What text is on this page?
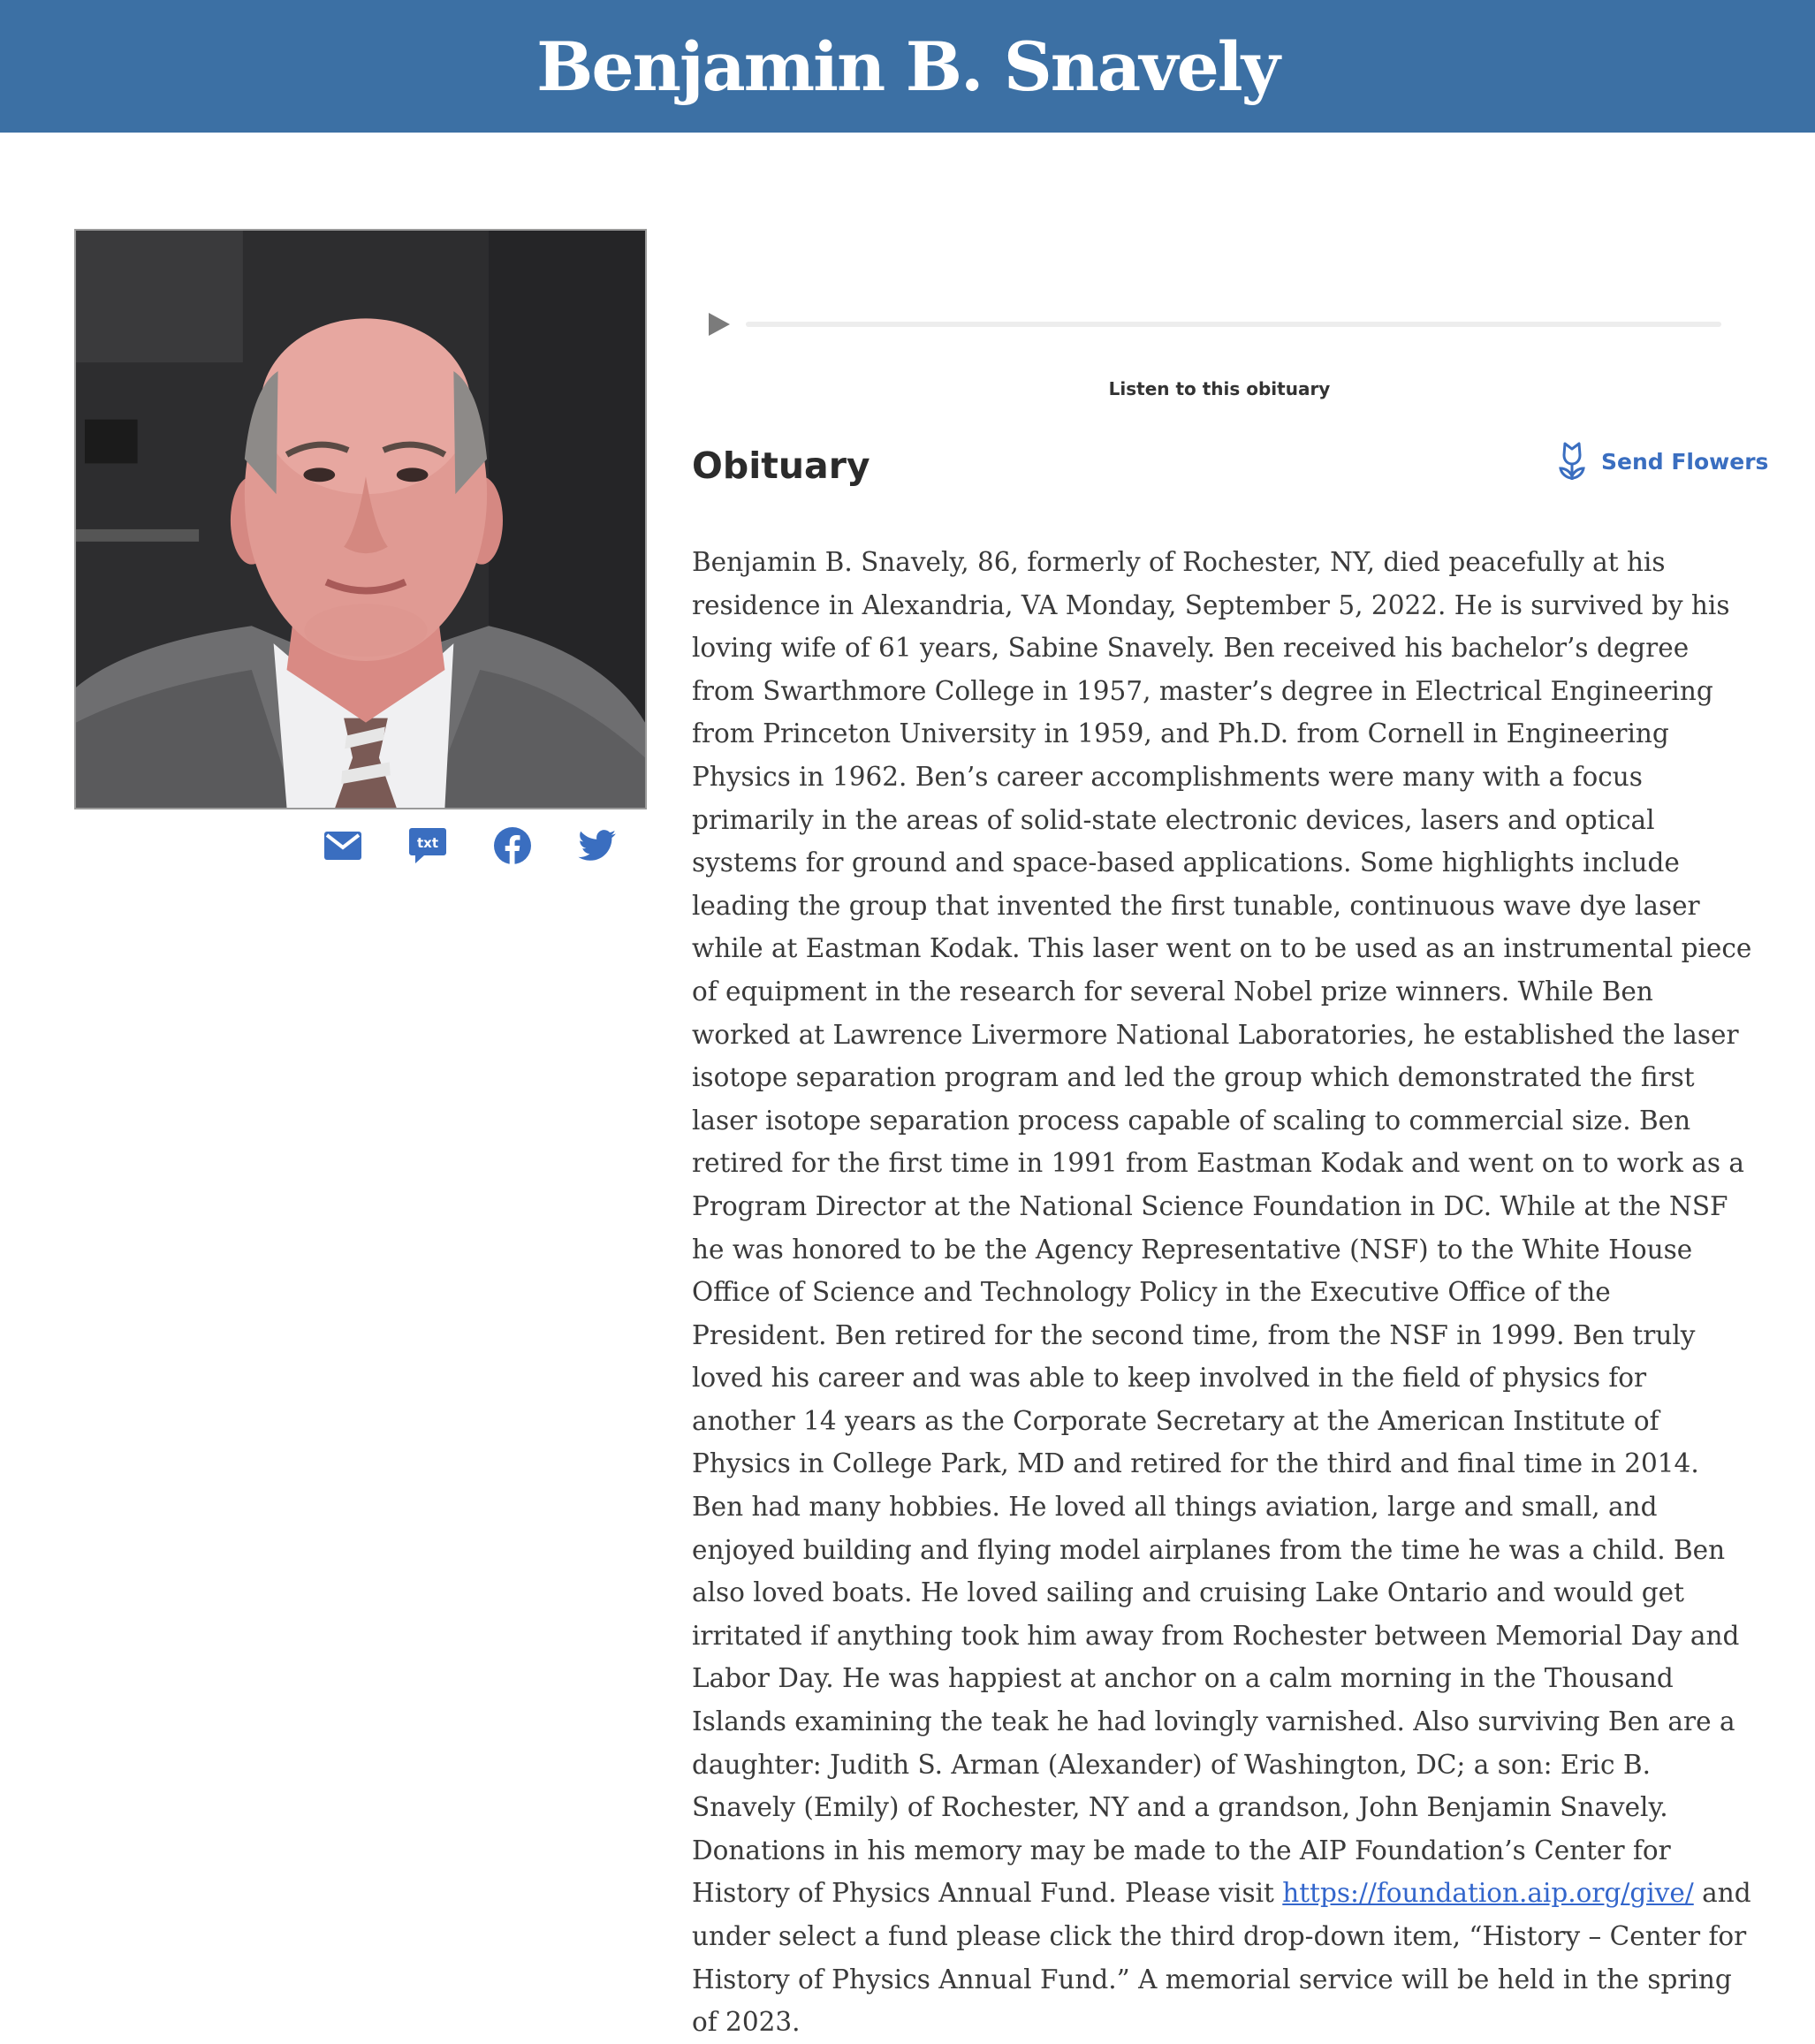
Benjamin B. Snavely
txt
Listen to this obituary
Obituary	Send Flowers

Benjamin B. Snavely, 86, formerly of Rochester, NY, died peacefully at his residence in Alexandria, VA Monday, September 5, 2022. He is survived by his loving wife of 61 years, Sabine Snavely. Ben received his bachelor’s degree from Swarthmore College in 1957, master’s degree in Electrical Engineering from Princeton University in 1959, and Ph.D. from Cornell in Engineering Physics in 1962. Ben’s career accomplishments were many with a focus primarily in the areas of solid-state electronic devices, lasers and optical systems for ground and space-based applications. Some highlights include leading the group that invented the first tunable, continuous wave dye laser while at Eastman Kodak. This laser went on to be used as an instrumental piece of equipment in the research for several Nobel prize winners. While Ben worked at Lawrence Livermore National Laboratories, he established the laser isotope separation program and led the group which demonstrated the first laser isotope separation process capable of scaling to commercial size. Ben retired for the first time in 1991 from Eastman Kodak and went on to work as a Program Director at the National Science Foundation in DC. While at the NSF he was honored to be the Agency Representative (NSF) to the White House Office of Science and Technology Policy in the Executive Office of the President. Ben retired for the second time, from the NSF in 1999. Ben truly loved his career and was able to keep involved in the field of physics for another 14 years as the Corporate Secretary at the American Institute of Physics in College Park, MD and retired for the third and final time in 2014. Ben had many hobbies. He loved all things aviation, large and small, and enjoyed building and flying model airplanes from the time he was a child. Ben also loved boats. He loved sailing and cruising Lake Ontario and would get irritated if anything took him away from Rochester between Memorial Day and Labor Day. He was happiest at anchor on a calm morning in the Thousand Islands examining the teak he had lovingly varnished. Also surviving Ben are a daughter: Judith S. Arman (Alexander) of Washington, DC; a son: Eric B. Snavely (Emily) of Rochester, NY and a grandson, John Benjamin Snavely. Donations in his memory may be made to the AIP Foundation’s Center for History of Physics Annual Fund. Please visit https://foundation.aip.org/give/ and under select a fund please click the third drop-down item, “History – Center for History of Physics Annual Fund.” A memorial service will be held in the spring of 2023.
